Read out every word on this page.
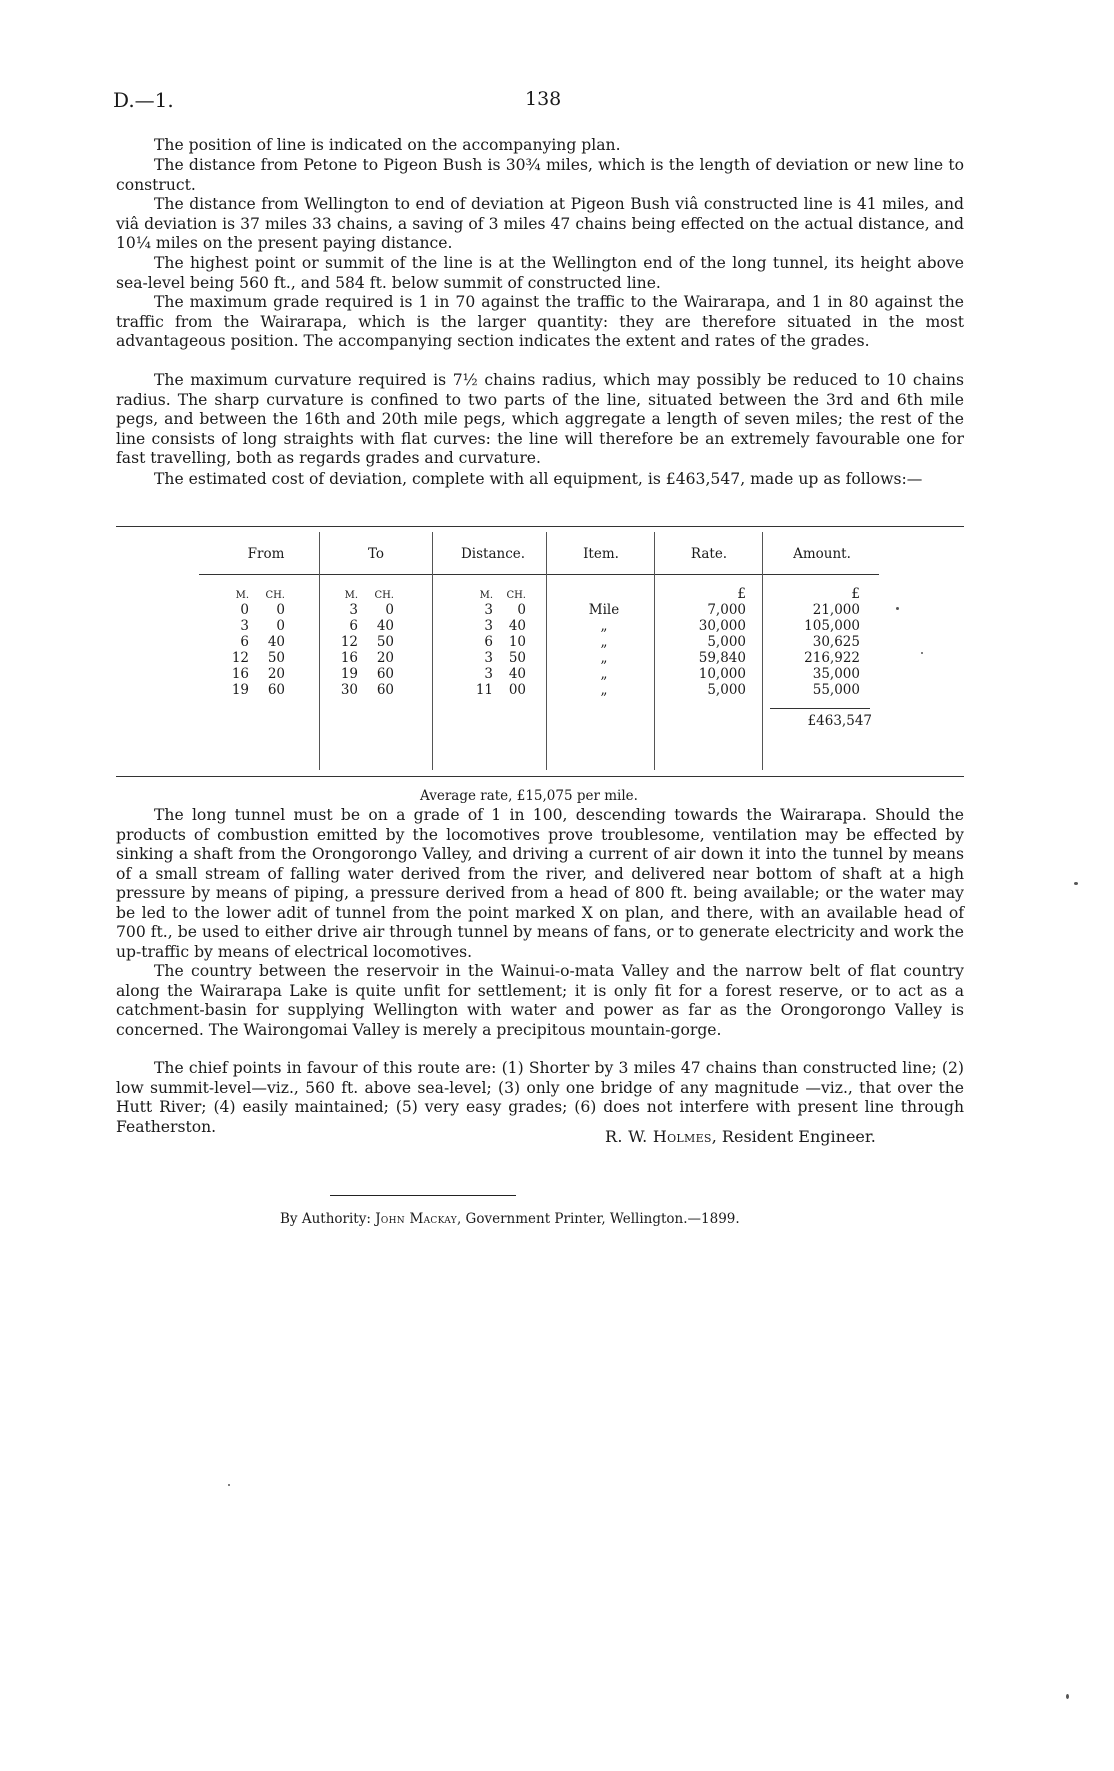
D.—1.	138

The position of line is indicated on the accompanying plan.

The distance from Petone to Pigeon Bush is 30¾ miles, which is the length of deviation or new line to construct.

The distance from Wellington to end of deviation at Pigeon Bush viâ constructed line is 41 miles, and viâ deviation is 37 miles 33 chains, a saving of 3 miles 47 chains being effected on the actual distance, and 10¼ miles on the present paying distance.

The highest point or summit of the line is at the Wellington end of the long tunnel, its height above sea-level being 560 ft., and 584 ft. below summit of constructed line.

The maximum grade required is 1 in 70 against the traffic to the Wairarapa, and 1 in 80 against the traffic from the Wairarapa, which is the larger quantity: they are therefore situated in the most advantageous position. The accompanying section indicates the extent and rates of the grades.

The maximum curvature required is 7½ chains radius, which may possibly be reduced to 10 chains radius. The sharp curvature is confined to two parts of the line, situated between the 3rd and 6th mile pegs, and between the 16th and 20th mile pegs, which aggregate a length of seven miles; the rest of the line consists of long straights with flat curves: the line will therefore be an extremely favourable one for fast travelling, both as regards grades and curvature.

The estimated cost of deviation, complete with all equipment, is £463,547, made up as follows:—

From	To	Distance.	Item.	Rate.	Amount.
M.	CH.	M.	CH.	M.	CH.	£	£
0	0	3	0	3	0	Mile	7,000	21,000
3	0	6	40	3	40	„	30,000	105,000
6	40	12	50	6	10	„	5,000	30,625
12	50	16	20	3	50	„	59,840	216,922
16	20	19	60	3	40	„	10,000	35,000
19	60	30	60	11	00	„	5,000	55,000
£463,547
Average rate, £15,075 per mile.

The long tunnel must be on a grade of 1 in 100, descending towards the Wairarapa. Should the products of combustion emitted by the locomotives prove troublesome, ventilation may be effected by sinking a shaft from the Orongorongo Valley, and driving a current of air down it into the tunnel by means of a small stream of falling water derived from the river, and delivered near bottom of shaft at a high pressure by means of piping, a pressure derived from a head of 800 ft. being available; or the water may be led to the lower adit of tunnel from the point marked X on plan, and there, with an available head of 700 ft., be used to either drive air through tunnel by means of fans, or to generate electricity and work the up-traffic by means of electrical locomotives.

The country between the reservoir in the Wainui-o-mata Valley and the narrow belt of flat country along the Wairarapa Lake is quite unfit for settlement; it is only fit for a forest reserve, or to act as a catchment-basin for supplying Wellington with water and power as far as the Orongorongo Valley is concerned. The Wairongomai Valley is merely a precipitous mountain-gorge.

The chief points in favour of this route are: (1) Shorter by 3 miles 47 chains than constructed line; (2) low summit-level—viz., 560 ft. above sea-level; (3) only one bridge of any magnitude —viz., that over the Hutt River; (4) easily maintained; (5) very easy grades; (6) does not interfere with present line through Featherston.

R. W. Holmes, Resident Engineer.
By Authority: John Mackay, Government Printer, Wellington.—1899.
